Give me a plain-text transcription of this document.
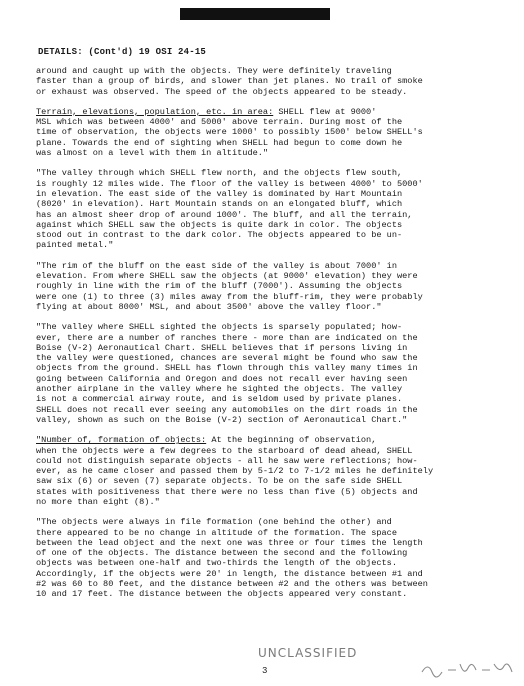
DETAILS: (Cont'd) 19 OSI 24-15

around and caught up with the objects. They were definitely traveling
faster than a group of birds, and slower than jet planes. No trail of smoke
or exhaust was observed. The speed of the objects appeared to be steady.

Terrain, elevations, population, etc. in area: SHELL flew at 9000'
MSL which was between 4000' and 5000' above terrain. During most of the
time of observation, the objects were 1000' to possibly 1500' below SHELL's
plane. Towards the end of sighting when SHELL had begun to come down he
was almost on a level with them in altitude."

"The valley through which SHELL flew north, and the objects flew south,
is roughly 12 miles wide. The floor of the valley is between 4000' to 5000'
in elevation. The east side of the valley is dominated by Hart Mountain
(8020' in elevation). Hart Mountain stands on an elongated bluff, which
has an almost sheer drop of around 1000'. The bluff, and all the terrain,
against which SHELL saw the objects is quite dark in color. The objects
stood out in contrast to the dark color. The objects appeared to be un-
painted metal."

"The rim of the bluff on the east side of the valley is about 7000' in
elevation. From where SHELL saw the objects (at 9000' elevation) they were
roughly in line with the rim of the bluff (7000'). Assuming the objects
were one (1) to three (3) miles away from the bluff-rim, they were probably
flying at about 8000' MSL, and about 3500' above the valley floor."

"The valley where SHELL sighted the objects is sparsely populated; how-
ever, there are a number of ranches there - more than are indicated on the
Boise (V-2) Aeronautical Chart. SHELL believes that if persons living in
the valley were questioned, chances are several might be found who saw the
objects from the ground. SHELL has flown through this valley many times in
going between California and Oregon and does not recall ever having seen
another airplane in the valley where he sighted the objects. The valley
is not a commercial airway route, and is seldom used by private planes.
SHELL does not recall ever seeing any automobiles on the dirt roads in the
valley, shown as such on the Boise (V-2) section of Aeronautical Chart."

"Number of, formation of objects: At the beginning of observation,
when the objects were a few degrees to the starboard of dead ahead, SHELL
could not distinguish separate objects - all he saw were reflections; how-
ever, as he came closer and passed them by 5-1/2 to 7-1/2 miles he definitely
saw six (6) or seven (7) separate objects. To be on the safe side SHELL
states with positiveness that there were no less than five (5) objects and
no more than eight (8)."

"The objects were always in file formation (one behind the other) and
there appeared to be no change in altitude of the formation. The space
between the lead object and the next one was three or four times the length
of one of the objects. The distance between the second and the following
objects was between one-half and two-thirds the length of the objects.
Accordingly, if the objects were 20' in length, the distance between #1 and
#2 was 60 to 80 feet, and the distance between #2 and the others was between
10 and 17 feet. The distance between the objects appeared very constant.

UNCLASSIFIED
3
